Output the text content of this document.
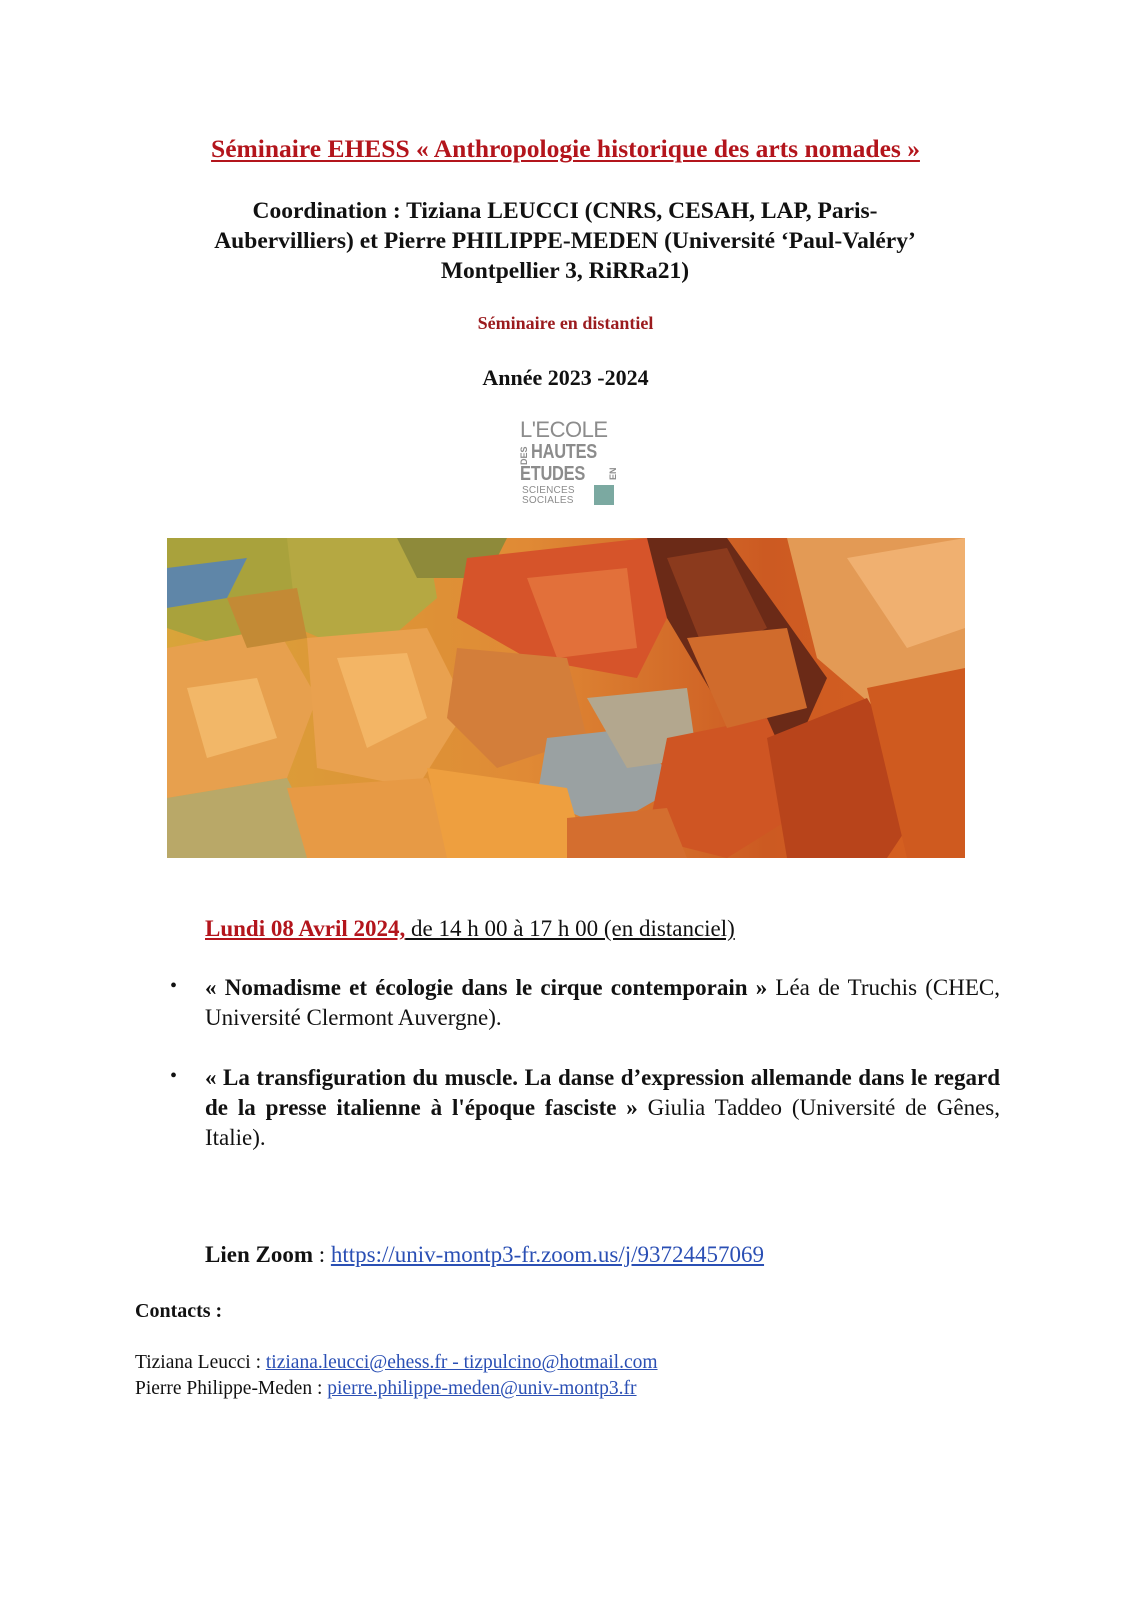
Séminaire EHESS « Anthropologie historique des arts nomades »
Coordination : Tiziana LEUCCI (CNRS, CESAH, LAP, Paris-
Aubervilliers) et Pierre PHILIPPE-MEDEN (Université ‘Paul-Valéry’
Montpellier 3, RiRRa21)
Séminaire en distantiel
Année 2023 -2024
L'ECOLE
DES HAUTES
ETUDES	EN
SCIENCES
SOCIALES
Lundi 08 Avril 2024, de 14 h 00 à 17 h 00 (en distanciel)
• « Nomadisme et écologie dans le cirque contemporain » Léa de Truchis (CHEC, Université Clermont Auvergne).
• « La transfiguration du muscle. La danse d’expression allemande dans le regard de la presse italienne à l'époque fasciste » Giulia Taddeo (Université de Gênes, Italie).
Lien Zoom : https://univ-montp3-fr.zoom.us/j/93724457069
Contacts :
Tiziana Leucci : tiziana.leucci@ehess.fr - tizpulcino@hotmail.com
Pierre Philippe-Meden : pierre.philippe-meden@univ-montp3.fr
